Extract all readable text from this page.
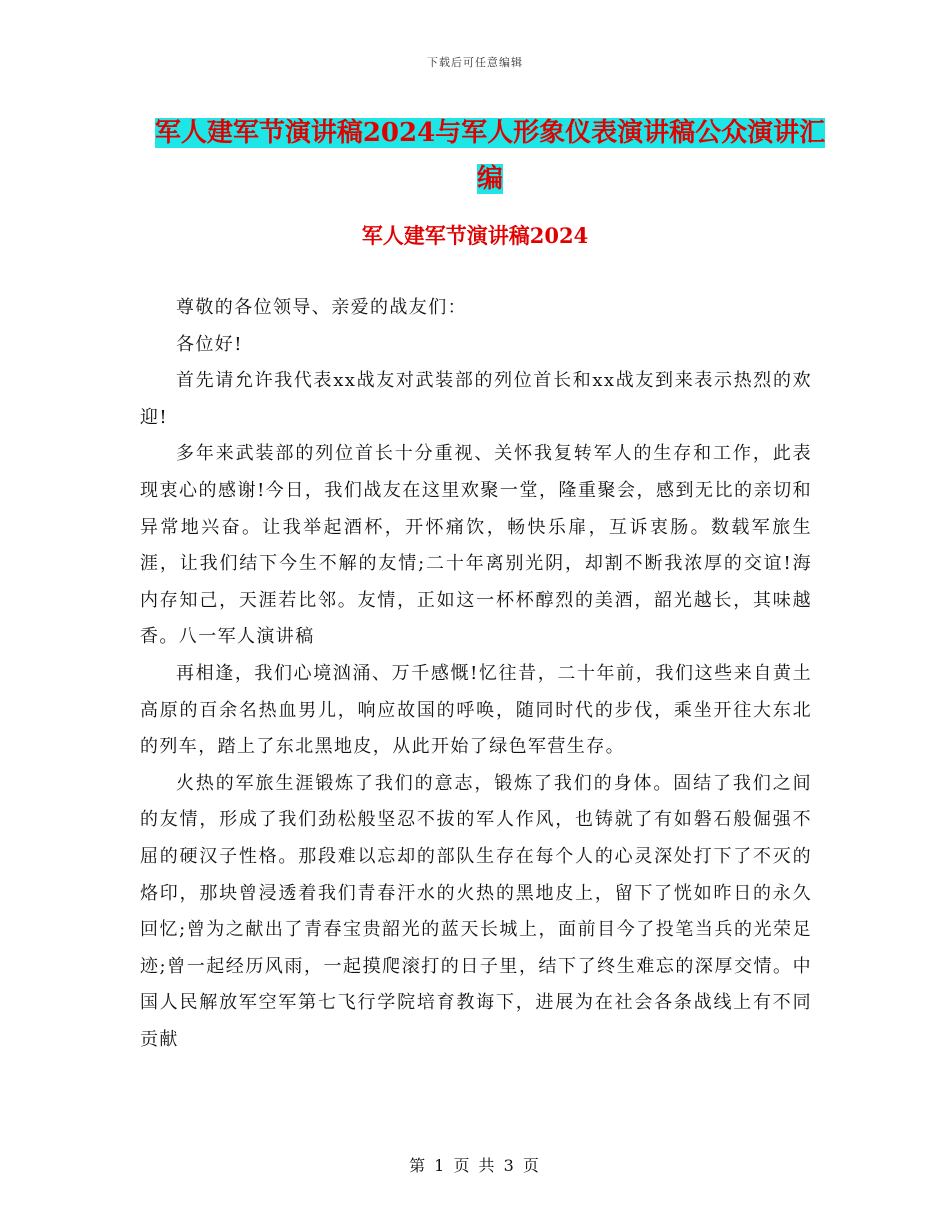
下载后可任意编辑
军人建军节演讲稿2024与军人形象仪表演讲稿公众演讲汇编
军人建军节演讲稿2024

尊敬的各位领导、亲爱的战友们：

各位好!

首先请允许我代表xx战友对武装部的列位首长和xx战友到来表示热烈的欢迎!

多年来武装部的列位首长十分重视、关怀我复转军人的生存和工作，此表现衷心的感谢!今日，我们战友在这里欢聚一堂，隆重聚会，感到无比的亲切和异常地兴奋。让我举起酒杯，开怀痛饮，畅快乐扉，互诉衷肠。数载军旅生涯，让我们结下今生不解的友情;二十年离别光阴，却割不断我浓厚的交谊!海内存知己，天涯若比邻。友情，正如这一杯杯醇烈的美酒，韶光越长，其味越香。八一军人演讲稿

再相逢，我们心境汹涌、万千感慨!忆往昔，二十年前，我们这些来自黄土高原的百余名热血男儿，响应故国的呼唤，随同时代的步伐，乘坐开往大东北的列车，踏上了东北黑地皮，从此开始了绿色军营生存。

火热的军旅生涯锻炼了我们的意志，锻炼了我们的身体。固结了我们之间的友情，形成了我们劲松般坚忍不拔的军人作风，也铸就了有如磐石般倔强不屈的硬汉子性格。那段难以忘却的部队生存在每个人的心灵深处打下了不灭的烙印，那块曾浸透着我们青春汗水的火热的黑地皮上，留下了恍如昨日的永久回忆;曾为之献出了青春宝贵韶光的蓝天长城上，面前目今了投笔当兵的光荣足迹;曾一起经历风雨，一起摸爬滚打的日子里，结下了终生难忘的深厚交情。中国人民解放军空军第七飞行学院培育教诲下，进展为在社会各条战线上有不同贡献

第 1 页 共 3 页
